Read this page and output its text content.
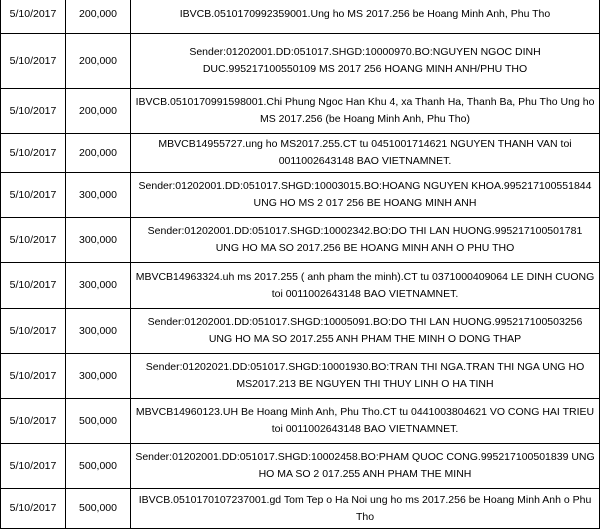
5/10/2017	200,000	IBVCB.0510170992359001.Ung ho MS 2017.256 be Hoang Minh Anh, Phu Tho
5/10/2017	200,000	Sender:01202001.DD:051017.SHGD:10000970.BO:NGUYEN NGOC DINH DUC.995217100550109 MS 2017 256 HOANG MINH ANH/PHU THO
5/10/2017	200,000	IBVCB.0510170991598001.Chi Phung Ngoc Han Khu 4, xa Thanh Ha, Thanh Ba, Phu Tho Ung ho MS 2017.256 (be Hoang Minh Anh, Phu Tho)
5/10/2017	200,000	MBVCB14955727.ung ho MS2017.255.CT tu 0451001714621 NGUYEN THANH VAN toi 0011002643148 BAO VIETNAMNET.
5/10/2017	300,000	Sender:01202001.DD:051017.SHGD:10003015.BO:HOANG NGUYEN KHOA.995217100551844 UNG HO MS 2 017 256 BE HOANG MINH ANH
5/10/2017	300,000	Sender:01202001.DD:051017.SHGD:10002342.BO:DO THI LAN HUONG.995217100501781 UNG HO MA SO 2017.256 BE HOANG MINH ANH O PHU THO
5/10/2017	300,000	MBVCB14963324.uh ms 2017.255 ( anh pham the minh).CT tu 0371000409064 LE DINH CUONG toi 0011002643148 BAO VIETNAMNET.
5/10/2017	300,000	Sender:01202001.DD:051017.SHGD:10005091.BO:DO THI LAN HUONG.995217100503256 UNG HO MA SO 2017.255 ANH PHAM THE MINH O DONG THAP
5/10/2017	300,000	Sender:01202021.DD:051017.SHGD:10001930.BO:TRAN THI NGA.TRAN THI NGA UNG HO MS2017.213 BE NGUYEN THI THUY LINH O HA TINH
5/10/2017	500,000	MBVCB14960123.UH Be Hoang Minh Anh, Phu Tho.CT tu 0441003804621 VO CONG HAI TRIEU toi 0011002643148 BAO VIETNAMNET.
5/10/2017	500,000	Sender:01202001.DD:051017.SHGD:10002458.BO:PHAM QUOC CONG.995217100501839 UNG HO MA SO 2 017.255 ANH PHAM THE MINH
5/10/2017	500,000	IBVCB.0510170107237001.gd Tom Tep o Ha Noi ung ho ms 2017.256 be Hoang Minh Anh o Phu Tho
